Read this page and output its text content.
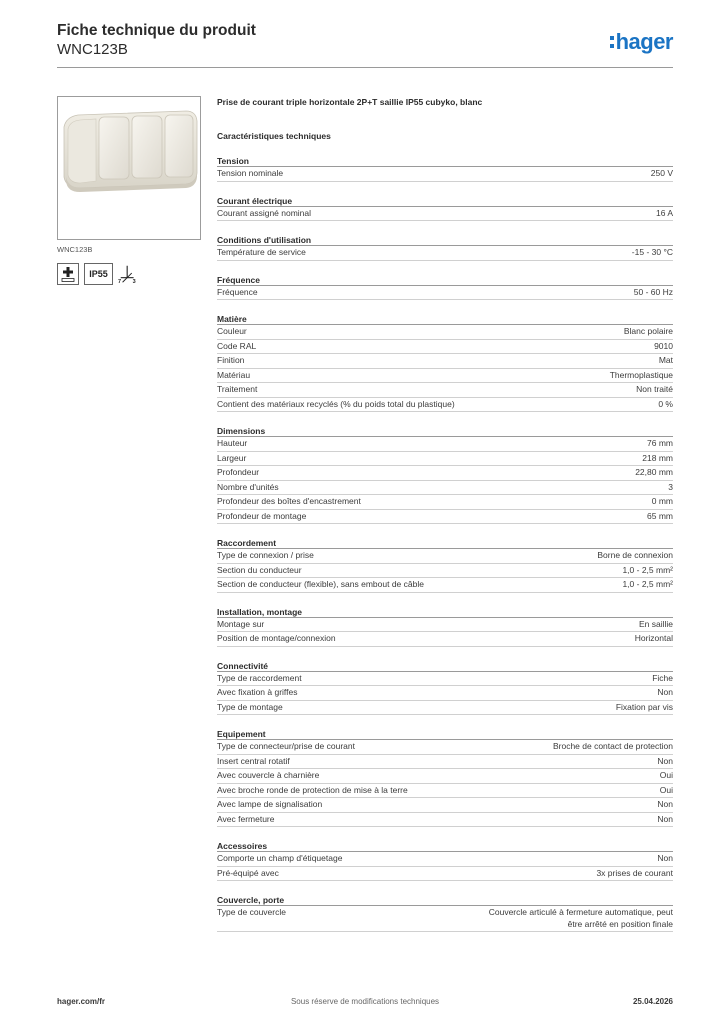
Fiche technique du produit
WNC123B	hager
WNC123B
IP55
7 3
Prise de courant triple horizontale 2P+T saillie IP55 cubyko, blanc
Caractéristiques techniques
Tension
Tension nominale	250 V
Courant électrique
Courant assigné nominal	16 A
Conditions d'utilisation
Température de service	-15 - 30 °C
Fréquence
Fréquence	50 - 60 Hz
Matière
Couleur	Blanc polaire
Code RAL	9010
Finition	Mat
Matériau	Thermoplastique
Traitement	Non traité
Contient des matériaux recyclés (% du poids total du plastique)	0 %
Dimensions
Hauteur	76 mm
Largeur	218 mm
Profondeur	22,80 mm
Nombre d'unités	3
Profondeur des boîtes d'encastrement	0 mm
Profondeur de montage	65 mm
Raccordement
Type de connexion / prise	Borne de connexion
Section du conducteur	1,0 - 2,5 mm²
Section de conducteur (flexible), sans embout de câble	1,0 - 2,5 mm²
Installation, montage
Montage sur	En saillie
Position de montage/connexion	Horizontal
Connectivité
Type de raccordement	Fiche
Avec fixation à griffes	Non
Type de montage	Fixation par vis
Equipement
Type de connecteur/prise de courant	Broche de contact de protection
Insert central rotatif	Non
Avec couvercle à charnière	Oui
Avec broche ronde de protection de mise à la terre	Oui
Avec lampe de signalisation	Non
Avec fermeture	Non
Accessoires
Comporte un champ d'étiquetage	Non
Pré-équipé avec	3x prises de courant
Couvercle, porte
Type de couvercle	Couvercle articulé à fermeture automatique, peut être arrêté en position finale
hager.com/fr	Sous réserve de modifications techniques	25.04.2026
